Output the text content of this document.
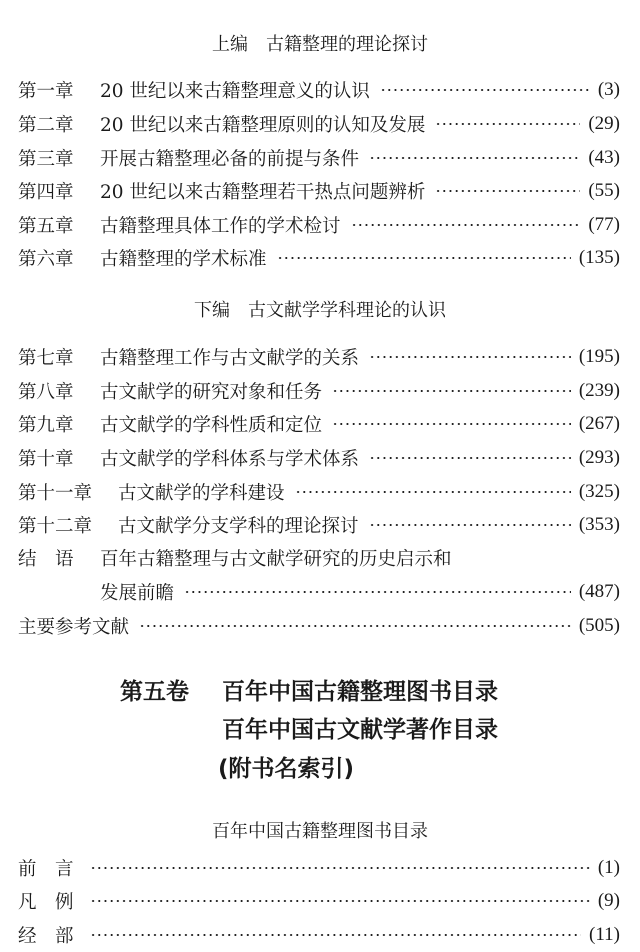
上编　古籍整理的理论探讨
第一章	20 世纪以来古籍整理意义的认识	(3)
第二章	20 世纪以来古籍整理原则的认知及发展	(29)
第三章	开展古籍整理必备的前提与条件	(43)
第四章	20 世纪以来古籍整理若干热点问题辨析	(55)
第五章	古籍整理具体工作的学术检讨	(77)
第六章	古籍整理的学术标准	(135)
下编　古文献学学科理论的认识
第七章	古籍整理工作与古文献学的关系	(195)
第八章	古文献学的研究对象和任务	(239)
第九章	古文献学的学科性质和定位	(267)
第十章	古文献学的学科体系与学术体系	(293)
第十一章	古文献学的学科建设	(325)
第十二章	古文献学分支学科的理论探讨	(353)
结　语	百年古籍整理与古文献学研究的历史启示和
发展前瞻	(487)
主要参考文献	(505)
第五卷 百年中国古籍整理图书目录
百年中国古文献学著作目录
(附书名索引)
百年中国古籍整理图书目录
前　言	(1)
凡　例	(9)
经　部	(11)
